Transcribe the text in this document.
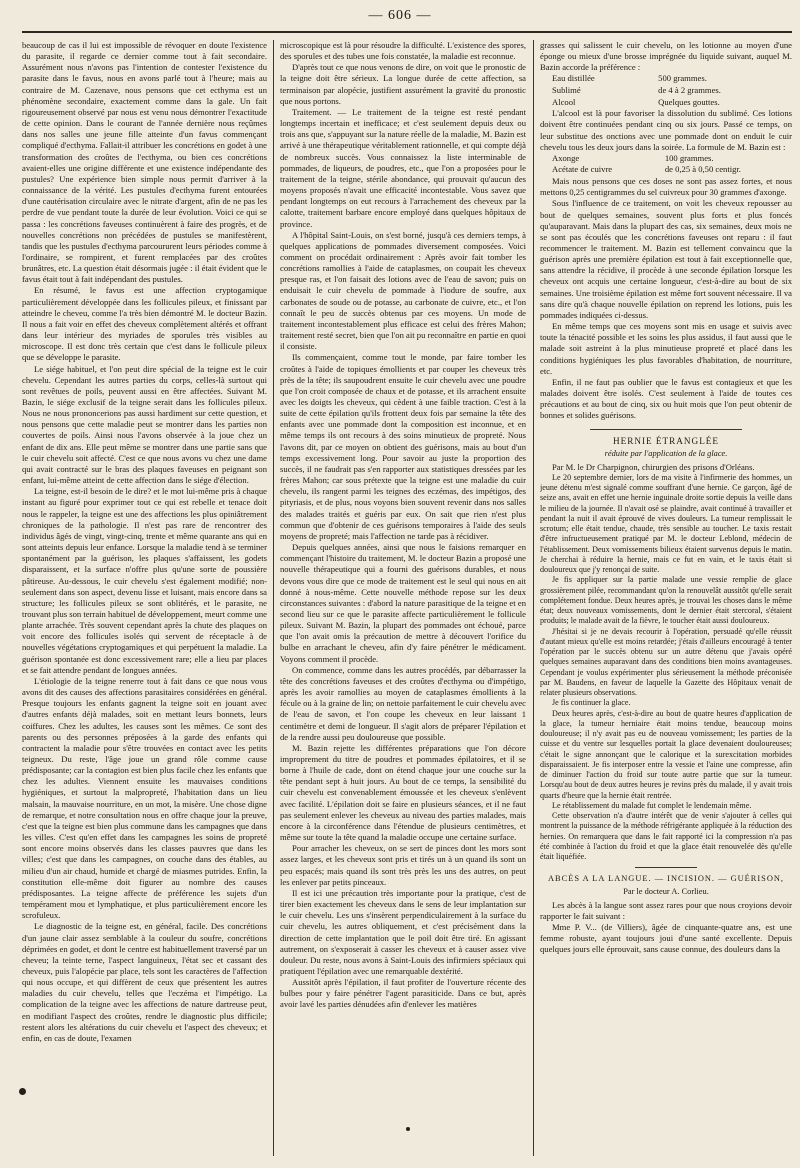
— 606 —

beaucoup de cas il lui est impossible de révoquer en doute l'existence du parasite, il regarde ce dernier comme tout à fait secondaire. Assurément nous n'avons pas l'intention de contester l'existence du parasite dans le favus, nous en avons parlé tout à l'heure; mais au contraire de M. Cazenave, nous pensons que cet ecthyma est un phénomène secondaire, exactement comme dans la gale. Un fait rigoureusement observé par nous est venu nous démontrer l'exactitude de cette opinion. Dans le courant de l'année dernière nous reçûmes dans nos salles une jeune fille atteinte d'un favus commençant compliqué d'ecthyma. Fallait-il attribuer les concrétions en godet à une transformation des croûtes de l'ecthyma, ou bien ces concrétions avaient-elles une origine différente et une existence indépendante des pustules? Une expérience bien simple nous permit d'arriver à la connaissance de la vérité. Les pustules d'ecthyma furent entourées d'une cautérisation circulaire avec le nitrate d'argent, afin de ne pas les perdre de vue pendant toute la durée de leur évolution. Voici ce qui se passa : les concrétions faveuses continuèrent à faire des progrès, et de nouvelles concrétions non précédées de pustules se manifestèrent, tandis que les pustules d'ecthyma parcoururent leurs périodes comme à l'ordinaire, se rompirent, et furent remplacées par des croûtes brunâtres, etc. La question était désormais jugée : il était évident que le favus était tout à fait indépendant des pustules.

En résumé, le favus est une affection cryptogamique particulièrement développée dans les follicules pileux, et finissant par atteindre le cheveu, comme l'a très bien démontré M. le docteur Bazin. Il nous a fait voir en effet des cheveux complètement altérés et offrant dans leur intérieur des myriades de sporules très visibles au microscope. Il est donc très certain que c'est dans le follicule pileux que se développe le parasite.

Le siége habituel, et l'on peut dire spécial de la teigne est le cuir chevelu. Cependant les autres parties du corps, celles-là surtout qui sont revêtues de poils, peuvent aussi en être affectées. Suivant M. Bazin, le siége exclusif de la teigne serait dans les follicules pileux. Nous ne nous prononcerions pas aussi hardiment sur cette question, et nous pensons que cette maladie peut se montrer dans les parties non couvertes de poils. Ainsi nous l'avons observée à la joue chez un enfant de dix ans. Elle peut même se montrer dans une partie sans que le cuir chevelu soit affecté. C'est ce que nous avons vu chez une dame qui avait contracté sur le bras des plaques faveuses en peignant son enfant, lui-même atteint de cette affection dans le siége d'élection.

La teigne, est-il besoin de le dire? et le mot lui-même pris à chaque instant au figuré pour exprimer tout ce qui est rebelle et tenace doit nous le rappeler, la teigne est une des affections les plus opiniâtrement chroniques de la pathologie. Il n'est pas rare de rencontrer des individus âgés de vingt, vingt-cinq, trente et même quarante ans qui en sont atteints depuis leur enfance. Lorsque la maladie tend à se terminer spontanément par la guérison, les plaques s'affaissent, les godets disparaissent, et la surface n'offre plus qu'une sorte de poussière pâtireuse. Au-dessous, le cuir chevelu s'est également modifié; non-seulement dans son aspect, devenu lisse et luisant, mais encore dans sa structure; les follicules pileux se sont oblitérés, et le parasite, ne trouvant plus son terrain habituel de développement, meurt comme une plante arrachée. Très souvent cependant après la chute des plaques on voit encore des follicules isolés qui servent de réceptacle à de nouvelles végétations cryptogamiques et qui perpétuent la maladie. La guérison spontanée est donc excessivement rare; elle a lieu par places et se fait attendre pendant de longues années.

L'étiologie de la teigne renerre tout à fait dans ce que nous vous avons dit des causes des affections parasitaires considérées en général. Presque toujours les enfants gagnent la teigne soit en jouant avec d'autres enfants déjà malades, soit en mettant leurs bonnets, leurs coiffures. Chez les adultes, les causes sont les mêmes. Ce sont des parents ou des personnes préposées à la garde des enfants qui contractent la maladie pour s'être trouvées en contact avec les petits teigneux. Du reste, l'âge joue un grand rôle comme cause prédisposante; car la contagion est bien plus facile chez les enfants que chez les adultes. Viennent ensuite les mauvaises conditions hygiéniques, et surtout la malpropreté, l'habitation dans un lieu malsain, la mauvaise nourriture, en un mot, la misère. Une chose digne de remarque, et notre consultation nous en offre chaque jour la preuve, c'est que la teigne est bien plus commune dans les campagnes que dans les villes. C'est qu'en effet dans les campagnes les soins de propreté sont encore moins observés dans les classes pauvres que dans les villes; c'est que dans les campagnes, on couche dans des étables, au milieu d'un air chaud, humide et chargé de miasmes putrides. Enfin, la constitution elle-même doit figurer au nombre des causes prédisposantes. La teigne affecte de préférence les sujets d'un tempérament mou et lymphatique, et plus particulièrement encore les scrofuleux.

Le diagnostic de la teigne est, en général, facile. Des concrétions d'un jaune clair assez semblable à la couleur du soufre, concrétions déprimées en godet, et dont le centre est habituellement traversé par un cheveu; la teinte terne, l'aspect languineux, l'état sec et cassant des cheveux, puis l'alopécie par place, tels sont les caractères de l'affection qui nous occupe, et qui diffèrent de ceux que présentent les autres maladies du cuir chevelu, telles que l'eczéma et l'impétigo. La complication de la teigne avec les affections de nature dartreuse peut, en modifiant l'aspect des croûtes, rendre le diagnostic plus difficile; restent alors les altérations du cuir chevelu et l'aspect des cheveux; et enfin, en cas de doute, l'examen

microscopique est là pour résoudre la difficulté. L'existence des spores, des sporules et des tubes une fois constatée, la maladie est reconnue.

D'après tout ce que nous venons de dire, on voit que le pronostic de la teigne doit être sérieux. La longue durée de cette affection, sa terminaison par alopécie, justifient assurément la gravité du pronostic que nous portons.

Traitement. — Le traitement de la teigne est resté pendant longtemps incertain et inefficace; et c'est seulement depuis deux ou trois ans que, s'appuyant sur la nature réelle de la maladie, M. Bazin est arrivé à une thérapeutique véritablement rationnelle, et qui compte déjà de nombreux succès. Vous connaissez la liste interminable de pommades, de liqueurs, de poudres, etc., que l'on a proposées pour le traitement de la teigne, stérile abondance, qui prouvait qu'aucun des moyens proposés n'avait une efficacité incontestable. Vous savez que pendant longtemps on eut recours à l'arrachement des cheveux par la calotte, traitement barbare encore employé dans quelques hôpitaux de province.

A l'hôpital Saint-Louis, on s'est borné, jusqu'à ces derniers temps, à quelques applications de pommades diversement composées. Voici comment on procédait ordinairement : Après avoir fait tomber les concrétions ramollies à l'aide de cataplasmes, on coupait les cheveux presque ras, et l'on faisait des lotions avec de l'eau de savon; puis on enduisait le cuir chevelu de pommade à l'iodure de soufre, aux carbonates de soude ou de potasse, au carbonate de cuivre, etc., et l'on connaît le peu de succès obtenus par ces moyens. Un mode de traitement incontestablement plus efficace est celui des frères Mahon; traitement resté secret, bien que l'on ait pu reconnaître en partie en quoi il consiste.

Ils commençaient, comme tout le monde, par faire tomber les croûtes à l'aide de topiques émollients et par couper les cheveux très près de la tête; ils saupoudrent ensuite le cuir chevelu avec une poudre que l'on croit composée de chaux et de potasse, et ils arrachent ensuite avec les doigts les cheveux, qui cèdent à une faible traction. C'est à la suite de cette épilation qu'ils frottent deux fois par semaine la tête des enfants avec une pommade dont la composition est inconnue, et en même temps ils ont recours à des soins minutieux de propreté. Nous l'avons dit, par ce moyen on obtient des guérisons, mais au bout d'un temps excessivement long. Pour savoir au juste la proportion des succès, il ne faudrait pas s'en rapporter aux statistiques dressées par les frères Mahon; car sous prétexte que la teigne est une maladie du cuir chevelu, ils rangent parmi les teignes des eczémas, des impétigos, des pityriasis, et de plus, nous voyons bien souvent revenir dans nos salles des malades traités et guéris par eux. On sait que rien n'est plus commun que d'obtenir de ces guérisons temporaires à l'aide des seuls moyens de propreté; mais l'affection ne tarde pas à récidiver.

Depuis quelques années, ainsi que nous le faisions remarquer en commençant l'histoire du traitement, M. le docteur Bazin a proposé une nouvelle thérapeutique qui a fourni des guérisons durables, et nous devons vous dire que ce mode de traitement est le seul qui nous en ait donné à nous-même. Cette nouvelle méthode repose sur les deux circonstances suivantes : d'abord la nature parasitique de la teigne et en second lieu sur ce que le parasite affecte particulièrement le follicule pileux. Suivant M. Bazin, la plupart des pommades ont échoué, parce que l'on avait omis la précaution de mettre à découvert l'orifice du bulbe en arrachant le cheveu, afin d'y faire pénétrer le médicament. Voyons comment il procède.

On commence, comme dans les autres procédés, par débarrasser la tête des concrétions faveuses et des croûtes d'ecthyma ou d'impétigo, après les avoir ramollies au moyen de cataplasmes émollients à la fécule ou à la graine de lin; on nettoie parfaitement le cuir chevelu avec de l'eau de savon, et l'on coupe les cheveux en leur laissant 1 centimètre et demi de longueur. Il s'agit alors de préparer l'épilation et de la rendre aussi peu douloureuse que possible.

M. Bazin rejette les différentes préparations que l'on décore improprement du titre de poudres et pommades épilatoires, et il se borne à l'huile de cade, dont on étend chaque jour une couche sur la tête pendant sept à huit jours. Au bout de ce temps, la sensibilité du cuir chevelu est convenablement émoussée et les cheveux s'enlèvent avec facilité. L'épilation doit se faire en plusieurs séances, et il ne faut pas seulement enlever les cheveux au niveau des parties malades, mais encore à la circonférence dans l'étendue de plusieurs centimètres, et même sur toute la tête quand la maladie occupe une certaine surface.

Pour arracher les cheveux, on se sert de pinces dont les mors sont assez larges, et les cheveux sont pris et tirés un à un quand ils sont un peu espacés; mais quand ils sont très près les uns des autres, on peut les enlever par petits pinceaux.

Il est ici une précaution très importante pour la pratique, c'est de tirer bien exactement les cheveux dans le sens de leur implantation sur le cuir chevelu. Les uns s'insèrent perpendiculairement à la surface du cuir chevelu, les autres obliquement, et c'est précisément dans la direction de cette implantation que le poil doit être tiré. En agissant autrement, on s'exposerait à casser les cheveux et à causer assez vive douleur. Du reste, nous avons à Saint-Louis des infirmiers spéciaux qui pratiquent l'épilation avec une remarquable dextérité.

Aussitôt après l'épilation, il faut profiter de l'ouverture récente des bulbes pour y faire pénétrer l'agent parasiticide. Dans ce but, après avoir lavé les parties dénudées afin d'enlever les matières

grasses qui salissent le cuir chevelu, on les lotionne au moyen d'une éponge ou mieux d'une brosse imprégnée du liquide suivant, auquel M. Bazin accorde la préférence :

Eau distillée	500 grammes.
Sublimé	de 4 à 2 grammes.
Alcool	Quelques gouttes.

L'alcool est là pour favoriser la dissolution du sublimé. Ces lotions doivent être continuées pendant cinq ou six jours. Passé ce temps, on leur substitue des onctions avec une pommade dont on enduit le cuir chevelu tous les deux jours dans la soirée. La formule de M. Bazin est :

Axonge	100 grammes.
Acétate de cuivre	de 0,25 à 0,50 centigr.

Mais nous pensons que ces doses ne sont pas assez fortes, et nous mettons 0,25 centigrammes du sel cuivreux pour 30 grammes d'axonge.

Sous l'influence de ce traitement, on voit les cheveux repousser au bout de quelques semaines, souvent plus forts et plus foncés qu'auparavant. Mais dans la plupart des cas, six semaines, deux mois ne se sont pas écoulés que les concrétions faveuses ont reparu : il faut recommencer le traitement. M. Bazin est tellement convaincu que la guérison après une première épilation est tout à fait exceptionnelle que, sans attendre la récidive, il procède à une seconde épilation lorsque les cheveux ont acquis une certaine longueur, c'est-à-dire au bout de six semaines. Une troisième épilation est même fort souvent nécessaire. Il va sans dire qu'à chaque nouvelle épilation on reprend les lotions, puis les pommades indiquées ci-dessus.

En même temps que ces moyens sont mis en usage et suivis avec toute la ténacité possible et les soins les plus assidus, il faut aussi que le malade soit astreint à la plus minutieuse propreté et placé dans les conditions hygiéniques les plus favorables d'habitation, de nourriture, etc.

Enfin, il ne faut pas oublier que le favus est contagieux et que les malades doivent être isolés. C'est seulement à l'aide de toutes ces précautions et au bout de cinq, six ou huit mois que l'on peut obtenir de bonnes et solides guérisons.

HERNIE ÉTRANGLÉE
réduite par l'application de la glace.

Par M. le Dr Charpignon, chirurgien des prisons d'Orléans.

Le 20 septembre dernier, lors de ma visite à l'infirmerie des hommes, un jeune détenu m'est signalé comme souffrant d'une hernie. Ce garçon, âgé de seize ans, avait en effet une hernie inguinale droite sortie depuis la veille dans le milieu de la journée. Il n'avait osé se plaindre, avait continué à travailler et pendant la nuit il avait éprouvé de vives douleurs. La tumeur remplissait le scrotum; elle était tendue, chaude, très sensible au toucher. Le taxis restait d'être infructueusement pratiqué par M. le docteur Leblond, médecin de l'établissement. Deux vomissements bilieux étaient survenus depuis le matin. Je cherchai à réduire la hernie, mais ce fut en vain, et le taxis était si douloureux que j'y renonçai de suite.

Je fis appliquer sur la partie malade une vessie remplie de glace grossièrement pilée, recommandant qu'on la renouvelât aussitôt qu'elle serait complétement fondue. Deux heures après, je trouvai les choses dans le même état; deux nouveaux vomissements, dont le dernier était stercoral, s'étaient produits; le malade avait de la fièvre, le toucher était aussi douloureux.

J'hésitai si je ne devais recourir à l'opération, persuadé qu'elle réussit d'autant mieux qu'elle est moins retardée; j'étais d'ailleurs encouragé à tenter l'opération par le succès obtenu sur un autre détenu que j'avais opéré quelques semaines auparavant dans des conditions bien moins avantageuses. Cependant je voulus expérimenter plus sérieusement la méthode préconisée par M. Baudens, en faveur de laquelle la Gazette des Hôpitaux venait de relater plusieurs observations.

Je fis continuer la glace.

Deux heures après, c'est-à-dire au bout de quatre heures d'application de la glace, la tumeur herniaire était moins tendue, beaucoup moins douloureuse; il n'y avait pas eu de nouveau vomissement; les parties de la cuisse et du ventre sur lesquelles portait la glace devenaient douloureuses; c'était le signe annonçant que le calorique et la surexcitation morbides disparaissaient. Je fis interposer entre la vessie et l'aine une compresse, afin de diminuer l'action du froid sur toute autre partie que sur la tumeur. Lorsqu'au bout de deux autres heures je revins près du malade, il y avait trois quarts d'heure que la hernie était rentrée.

Le rétablissement du malade fut complet le lendemain même.

Cette observation n'a d'autre intérêt que de venir s'ajouter à celles qui montrent la puissance de la méthode réfrigérante appliquée à la réduction des hernies. On remarquera que dans le fait rapporté ici la compression n'a pas été combinée à l'action du froid et que la glace était renouvelée dès qu'elle était liquéfiée.

ABCÈS A LA LANGUE. — INCISION. — GUÉRISON,
Par le docteur A. Corlieu.

Les abcès à la langue sont assez rares pour que nous croyions devoir rapporter le fait suivant :

Mme P. V... (de Villiers), âgée de cinquante-quatre ans, est une femme robuste, ayant toujours joui d'une santé excellente. Depuis quelques jours elle éprouvait, sans cause connue, des douleurs dans la
